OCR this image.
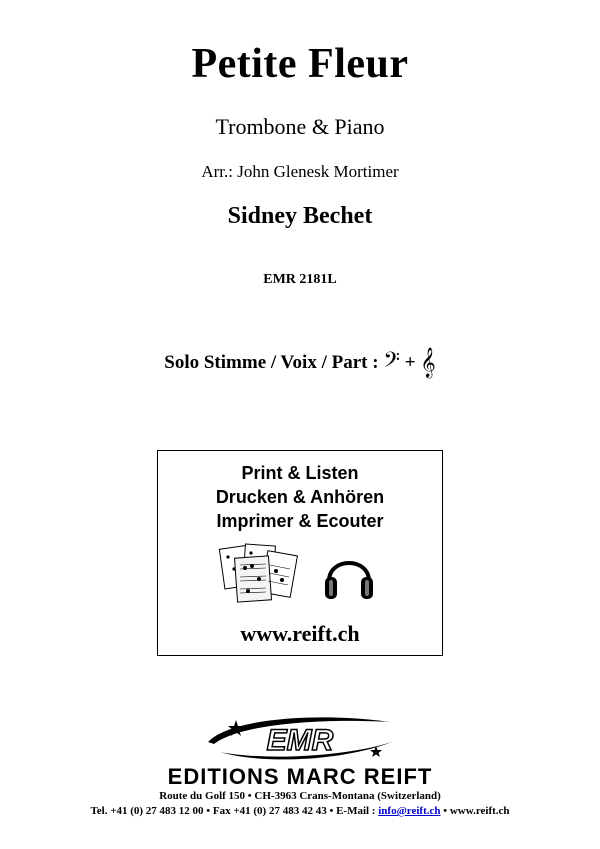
Petite Fleur
Trombone & Piano
Arr.: John Glenesk Mortimer
Sidney Bechet
EMR 2181L
Solo Stimme / Voix / Part : 𝄢 + 𝄞
Print & Listen
Drucken & Anhören
Imprimer & Ecouter
www.reift.ch
EMR
EDITIONS MARC REIFT
Route du Golf 150 • CH-3963 Crans-Montana (Switzerland)
Tel. +41 (0) 27 483 12 00 • Fax +41 (0) 27 483 42 43 • E-Mail : info@reift.ch • www.reift.ch
